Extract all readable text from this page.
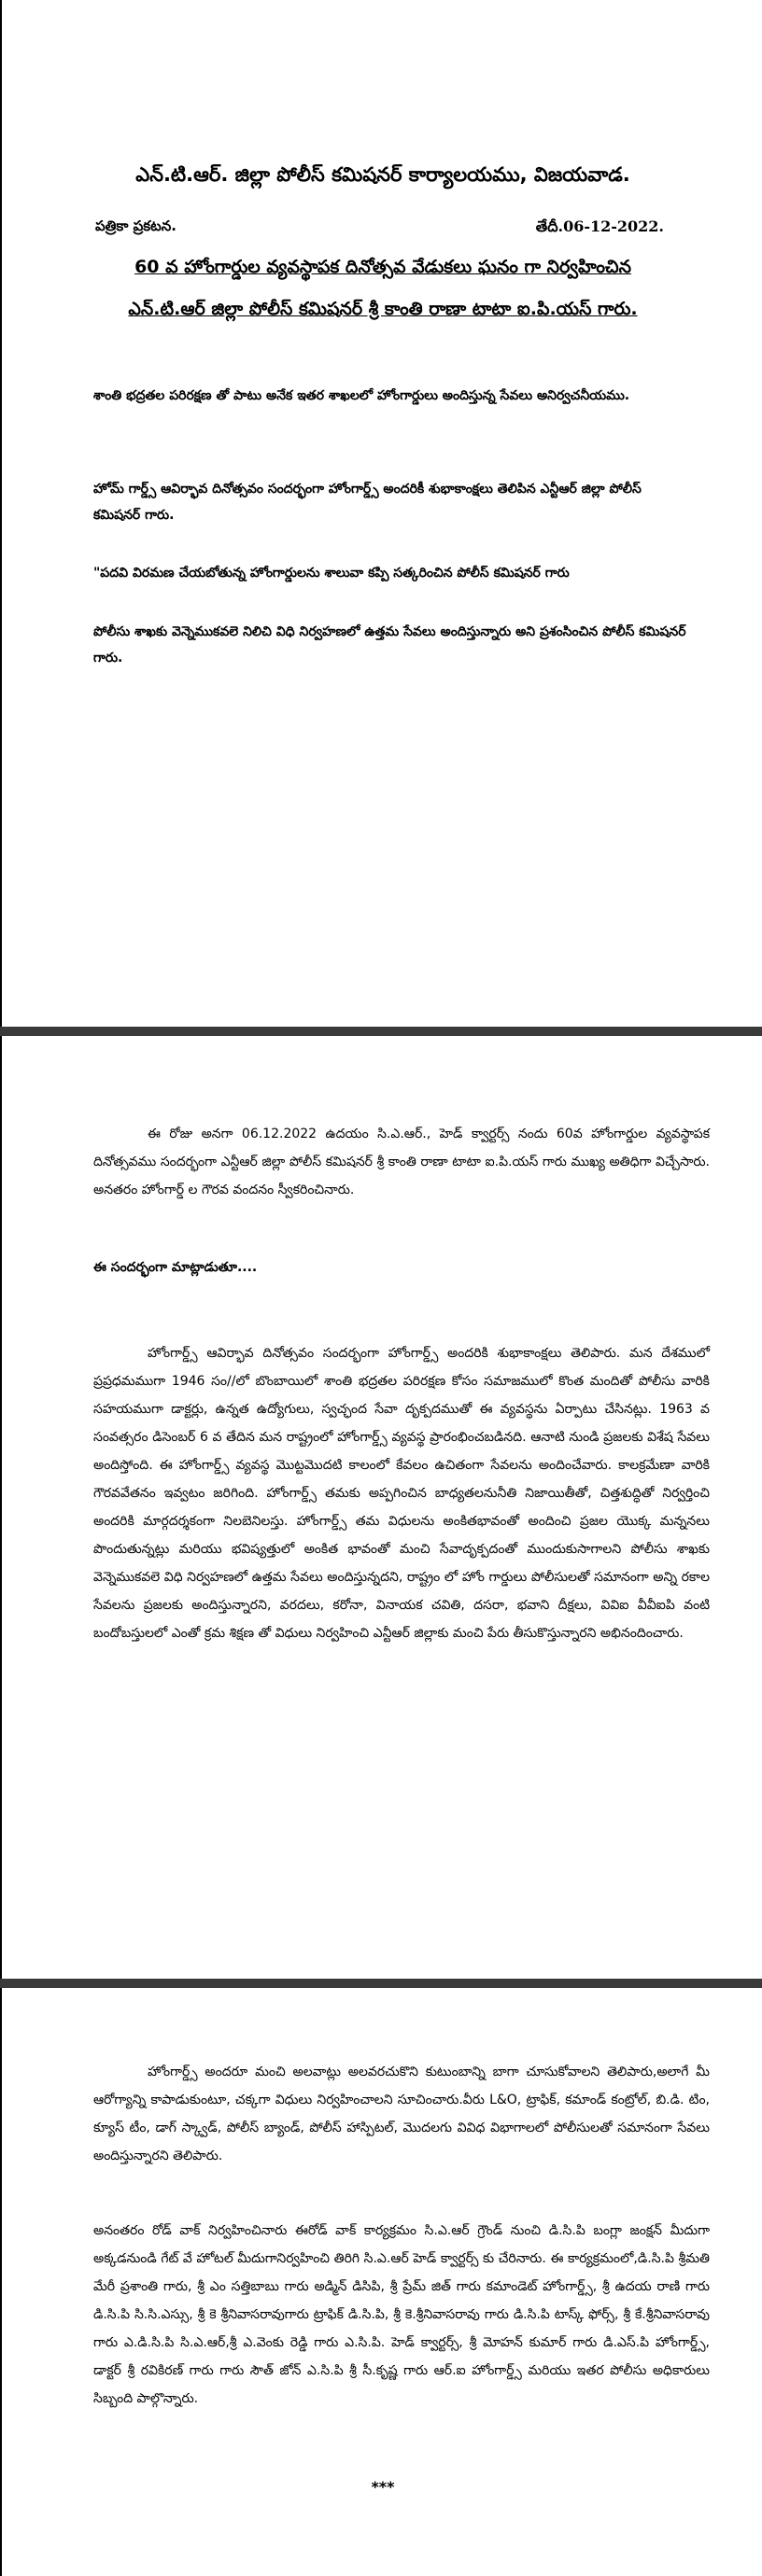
ఎన్.టి.ఆర్. జిల్లా పోలీస్ కమిషనర్ కార్యాలయము, విజయవాడ.
పత్రికా ప్రకటన.	తేదీ.06-12-2022.
60 వ హోంగార్డుల వ్యవస్థాపక దినోత్సవ వేడుకలు ఘనం గా నిర్వహించిన
ఎన్.టి.ఆర్ జిల్లా పోలీస్ కమిషనర్ శ్రీ కాంతి రాణా టాటా ఐ.పి.యస్ గారు.
శాంతి భద్రతల పరిరక్షణ తో పాటు అనేక ఇతర శాఖలలో హోంగార్డులు అందిస్తున్న సేవలు అనిర్వచనీయము.
హోమ్ గార్డ్స్ ఆవిర్భావ దినోత్సవం సందర్భంగా హోంగార్డ్స్ అందరికీ శుభాకాంక్షలు తెలిపిన ఎన్టీఆర్ జిల్లా పోలీస్ కమిషనర్ గారు.
"పదవి విరమణ చేయబోతున్న హోంగార్డులను శాలువా కప్పి సత్కరించిన పోలీస్ కమిషనర్ గారు
పోలీసు శాఖకు వెన్నెముకవలె నిలిచి విధి నిర్వహణలో ఉత్తమ సేవలు అందిస్తున్నారు అని ప్రశంసించిన పోలీస్ కమిషనర్ గారు.

ఈ రోజు అనగా 06.12.2022 ఉదయం సి.ఎ.ఆర్., హెడ్ క్వార్టర్స్ నందు 60వ హోంగార్డుల వ్యవస్థాపక దినోత్సవము సందర్భంగా ఎన్టీఆర్ జిల్లా పోలీస్ కమిషనర్ శ్రీ కాంతి రాణా టాటా ఐ.పి.యస్ గారు ముఖ్య అతిధిగా విచ్చేసారు. అనతరం హోంగార్డ్ ల గౌరవ వందనం స్వీకరించినారు.

ఈ సందర్భంగా మాట్లాడుతూ....

హోంగార్డ్స్ ఆవిర్భావ దినోత్సవం సందర్భంగా హోంగార్డ్స్ అందరికి శుభాకాంక్షలు తెలిపారు. మన దేశములో ప్రప్రధమముగా 1946 సం//లో బొంబాయిలో శాంతి భద్రతల పరిరక్షణ కోసం సమాజములో కొంత మందితో పోలీసు వారికి సహయముగా డాక్టర్లు, ఉన్నత ఉద్యోగులు, స్వచ్ఛంద సేవా దృక్పదముతో ఈ వ్యవస్థను ఏర్పాటు చేసినట్లు. 1963 వ సంవత్సరం డిసెంబర్ 6 వ తేదిన మన రాష్ట్రంలో హోంగార్డ్స్ వ్యవస్థ ప్రారంభించబడినది. ఆనాటి నుండి ప్రజలకు విశేష సేవలు అందిస్తోంది. ఈ హోంగార్డ్స్ వ్యవస్థ మొట్టమొదటి కాలంలో కేవలం ఉచితంగా సేవలను అందించేవారు. కాలక్రమేణా వారికి గౌరవవేతనం ఇవ్వటం జరిగింది. హోంగార్డ్స్ తమకు అప్పగించిన బాధ్యతలనునీతి నిజాయితీతో, చిత్తశుద్ధితో నిర్వర్తించి అందరికి మార్గదర్శకంగా నిలబెనిలస్తు. హోంగార్డ్స్ తమ విధులను అంకితభావంతో అందించి ప్రజల యొక్క మన్ననలు పొందుతున్నట్లు మరియు భవిష్యత్తులో అంకిత భావంతో మంచి సేవాదృక్పదంతో ముందుకుసాగాలని పోలీసు శాఖకు వెన్నెముకవలె విధి నిర్వహణలో ఉత్తమ సేవలు అందిస్తున్నదని, రాష్ట్రం లో హోం గార్డులు పోలీసులతో సమానంగా అన్ని రకాల సేవలను ప్రజలకు అందిస్తున్నారని, వరదలు, కరోనా, వినాయక చవితి, దసరా, భవాని దీక్షలు, వివిఐ వీవీఐపి వంటి బందోబస్తులలో ఎంతో క్రమ శిక్షణ తో విధులు నిర్వహించి ఎన్టీఆర్ జిల్లాకు మంచి పేరు తీసుకొస్తున్నారని అభినందించారు.

హోంగార్డ్స్ అందరూ మంచి అలవాట్లు అలవరచుకొని కుటుంబాన్ని బాగా చూసుకోవాలని తెలిపారు,అలాగే మీ ఆరోగ్యాన్ని కాపాడుకుంటూ, చక్కగా విధులు నిర్వహించాలని సూచించారు.వీరు L&O, ట్రాఫిక్, కమాండ్ కంట్రోల్, బి.డి. టిం, క్యూస్ టీం, డాగ్ స్క్వాడ్, పోలీస్ బ్యాండ్, పోలీస్ హాస్పిటల్, మొదలగు వివిధ విభాగాలలో పోలీసులతో సమానంగా సేవలు అందిస్తున్నారని తెలిపారు.

అనంతరం రోడ్ వాక్ నిర్వహించినారు ఈరోడ్ వాక్ కార్యక్రమం సి.ఎ.ఆర్ గ్రౌండ్ నుంచి డి.సి.పి బంగ్లా జంక్షన్ మీదుగా అక్కడనుండి గేట్ వే హోటల్ మీదుగానిర్వహించి తిరిగి సి.ఎ.ఆర్ హెడ్ క్వార్టర్స్ కు చేరినారు. ఈ కార్యక్రమంలో,డి.సి.పి శ్రీమతి మేరీ ప్రశాంతి గారు, శ్రీ ఎం సత్తిబాబు గారు అడ్మిన్ డిసిపి, శ్రీ ప్రేమ్ జిత్ గారు కమాండెట్ హోంగార్డ్స్, శ్రీ ఉదయ రాణి గారు డి.సి.పి సి.సి.ఎస్సు, శ్రీ కె శ్రీనివాసరావుగారు ట్రాఫిక్ డి.సి.పి, శ్రీ కె.శ్రీనివాసరావు గారు డి.సి.పి టాస్క్ ఫోర్స్, శ్రీ కే.శ్రీనివాసరావు గారు ఎ.డి.సి.పి సి.ఎ.ఆర్,శ్రీ ఎ.వెంకు రెడ్డి గారు ఎ.సి.పి. హెడ్ క్వార్టర్స్, శ్రీ మోహన్ కుమార్ గారు డి.ఎస్.పి హోంగార్డ్స్, డాక్టర్ శ్రీ రవికిరణ్ గారు గారు సౌత్ జోన్ ఎ.సి.పి శ్రీ సీ.కృష్ణ గారు ఆర్.ఐ హోంగార్డ్స్ మరియు ఇతర పోలీసు అధికారులు సిబ్బంది పాల్గొన్నారు.

***
